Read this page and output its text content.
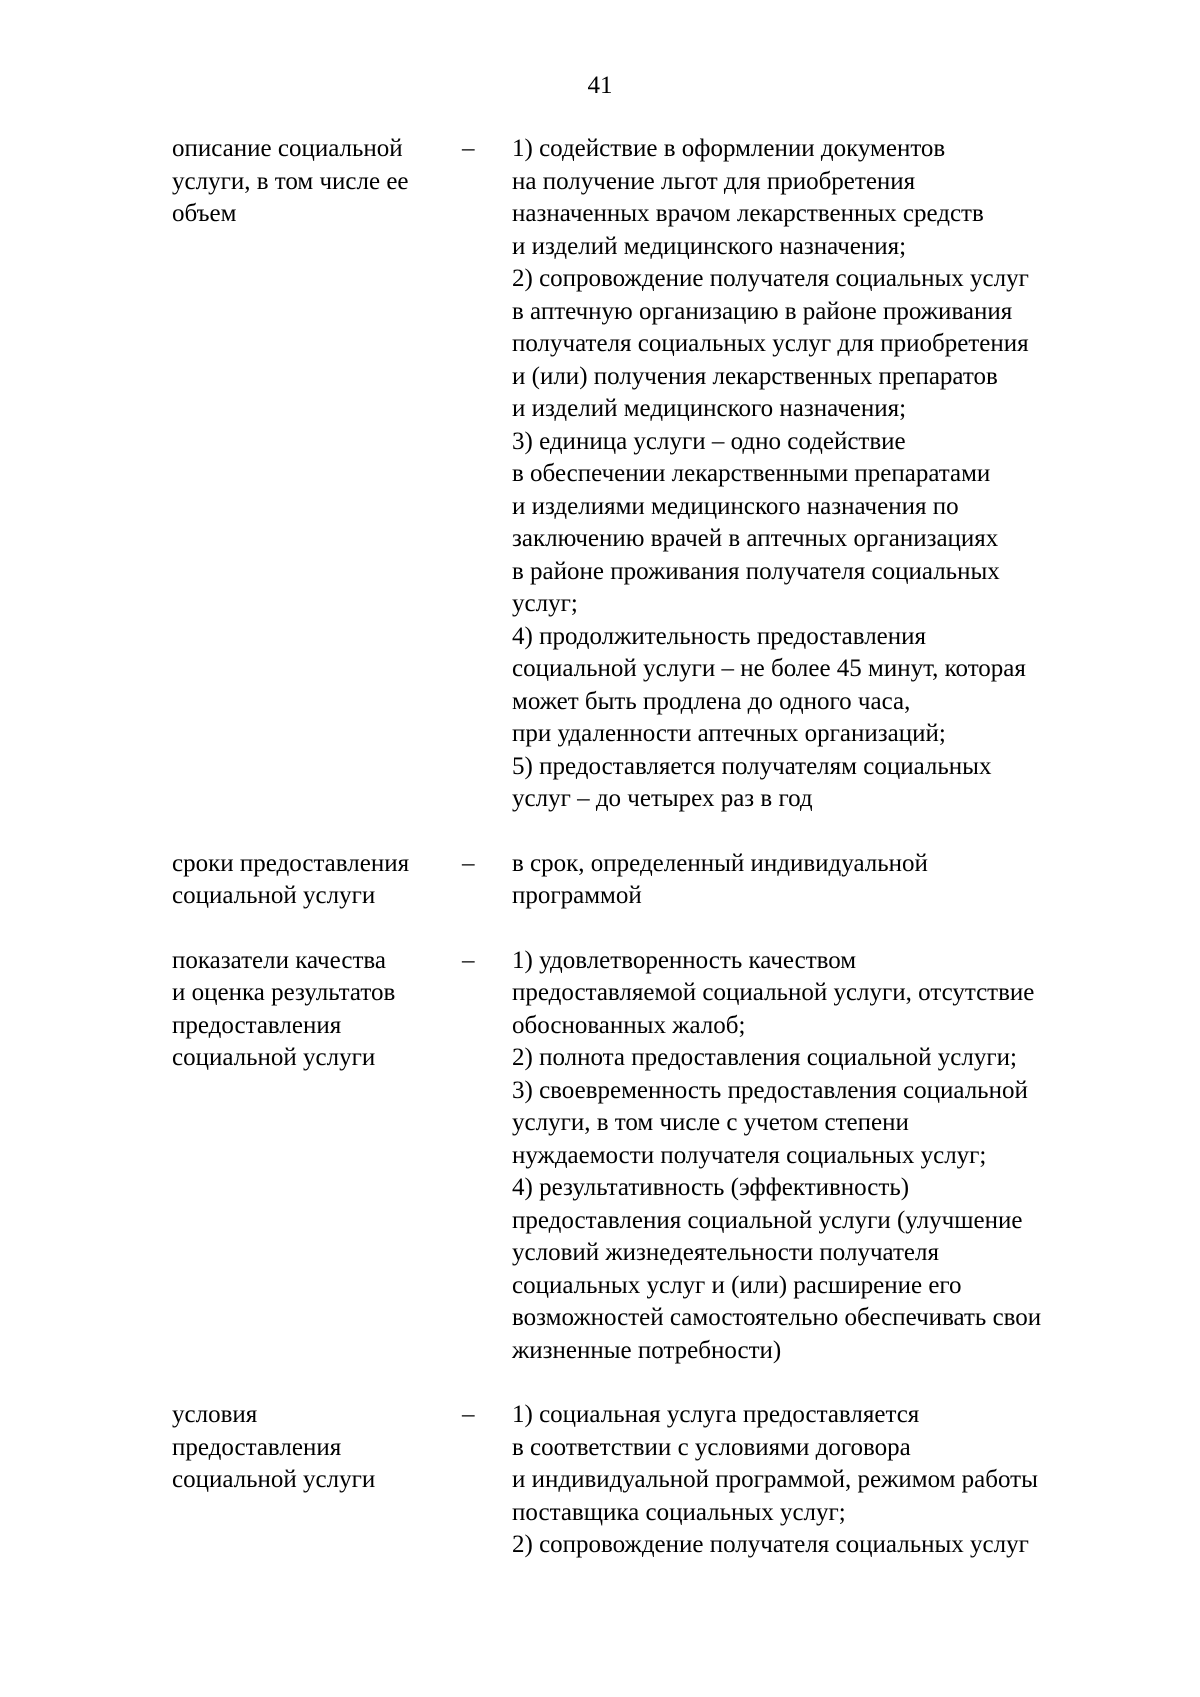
41
описание социальной
услуги, в том числе ее
объем
–	1) содействие в оформлении документов
на получение льгот для приобретения
назначенных врачом лекарственных средств
и изделий медицинского назначения;
2) сопровождение получателя социальных услуг
в аптечную организацию в районе проживания
получателя социальных услуг для приобретения
и (или) получения лекарственных препаратов
и изделий медицинского назначения;
3) единица услуги – одно содействие
в обеспечении лекарственными препаратами
и изделиями медицинского назначения по
заключению врачей в аптечных организациях
в районе проживания получателя социальных
услуг;
4) продолжительность предоставления
социальной услуги – не более 45 минут, которая
может быть продлена до одного часа,
при удаленности аптечных организаций;
5) предоставляется получателям социальных
услуг – до четырех раз в год
сроки предоставления
социальной услуги
–	в срок, определенный индивидуальной
программой
показатели качества
и оценка результатов
предоставления
социальной услуги
–	1) удовлетворенность качеством
предоставляемой социальной услуги, отсутствие
обоснованных жалоб;
2) полнота предоставления социальной услуги;
3) своевременность предоставления социальной
услуги, в том числе с учетом степени
нуждаемости получателя социальных услуг;
4) результативность (эффективность)
предоставления социальной услуги (улучшение
условий жизнедеятельности получателя
социальных услуг и (или) расширение его
возможностей самостоятельно обеспечивать свои
жизненные потребности)
условия
предоставления
социальной услуги
–	1) социальная услуга предоставляется
в соответствии с условиями договора
и индивидуальной программой, режимом работы
поставщика социальных услуг;
2) сопровождение получателя социальных услуг
